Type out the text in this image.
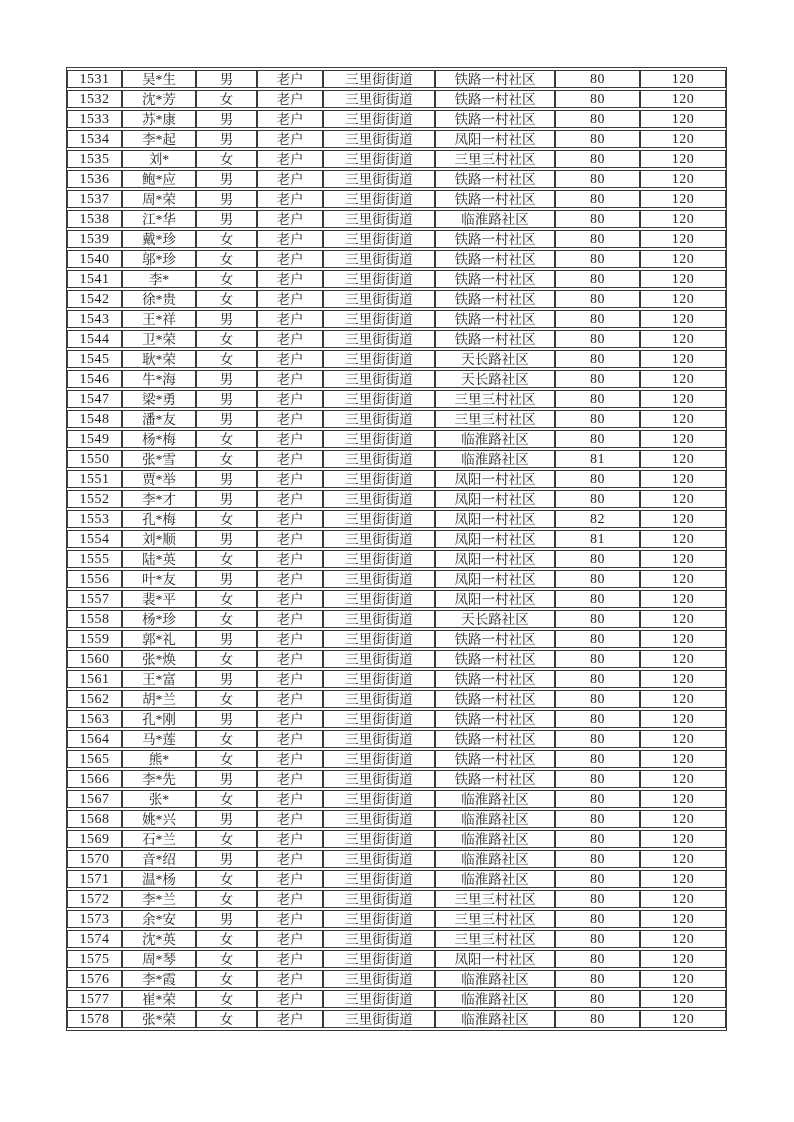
1531	吴*生	男	老户	三里街街道	铁路一村社区	80	120
1532	沈*芳	女	老户	三里街街道	铁路一村社区	80	120
1533	苏*康	男	老户	三里街街道	铁路一村社区	80	120
1534	李*起	男	老户	三里街街道	凤阳一村社区	80	120
1535	刘*	女	老户	三里街街道	三里三村社区	80	120
1536	鲍*应	男	老户	三里街街道	铁路一村社区	80	120
1537	周*荣	男	老户	三里街街道	铁路一村社区	80	120
1538	江*华	男	老户	三里街街道	临淮路社区	80	120
1539	戴*珍	女	老户	三里街街道	铁路一村社区	80	120
1540	邬*珍	女	老户	三里街街道	铁路一村社区	80	120
1541	李*	女	老户	三里街街道	铁路一村社区	80	120
1542	徐*贵	女	老户	三里街街道	铁路一村社区	80	120
1543	王*祥	男	老户	三里街街道	铁路一村社区	80	120
1544	卫*荣	女	老户	三里街街道	铁路一村社区	80	120
1545	耿*荣	女	老户	三里街街道	天长路社区	80	120
1546	牛*海	男	老户	三里街街道	天长路社区	80	120
1547	梁*勇	男	老户	三里街街道	三里三村社区	80	120
1548	潘*友	男	老户	三里街街道	三里三村社区	80	120
1549	杨*梅	女	老户	三里街街道	临淮路社区	80	120
1550	张*雪	女	老户	三里街街道	临淮路社区	81	120
1551	贾*举	男	老户	三里街街道	凤阳一村社区	80	120
1552	李*才	男	老户	三里街街道	凤阳一村社区	80	120
1553	孔*梅	女	老户	三里街街道	凤阳一村社区	82	120
1554	刘*顺	男	老户	三里街街道	凤阳一村社区	81	120
1555	陆*英	女	老户	三里街街道	凤阳一村社区	80	120
1556	叶*友	男	老户	三里街街道	凤阳一村社区	80	120
1557	裴*平	女	老户	三里街街道	凤阳一村社区	80	120
1558	杨*珍	女	老户	三里街街道	天长路社区	80	120
1559	郭*礼	男	老户	三里街街道	铁路一村社区	80	120
1560	张*焕	女	老户	三里街街道	铁路一村社区	80	120
1561	王*富	男	老户	三里街街道	铁路一村社区	80	120
1562	胡*兰	女	老户	三里街街道	铁路一村社区	80	120
1563	孔*刚	男	老户	三里街街道	铁路一村社区	80	120
1564	马*莲	女	老户	三里街街道	铁路一村社区	80	120
1565	熊*	女	老户	三里街街道	铁路一村社区	80	120
1566	李*先	男	老户	三里街街道	铁路一村社区	80	120
1567	张*	女	老户	三里街街道	临淮路社区	80	120
1568	姚*兴	男	老户	三里街街道	临淮路社区	80	120
1569	石*兰	女	老户	三里街街道	临淮路社区	80	120
1570	音*绍	男	老户	三里街街道	临淮路社区	80	120
1571	温*杨	女	老户	三里街街道	临淮路社区	80	120
1572	李*兰	女	老户	三里街街道	三里三村社区	80	120
1573	余*安	男	老户	三里街街道	三里三村社区	80	120
1574	沈*英	女	老户	三里街街道	三里三村社区	80	120
1575	周*琴	女	老户	三里街街道	凤阳一村社区	80	120
1576	李*霞	女	老户	三里街街道	临淮路社区	80	120
1577	崔*荣	女	老户	三里街街道	临淮路社区	80	120
1578	张*荣	女	老户	三里街街道	临淮路社区	80	120
